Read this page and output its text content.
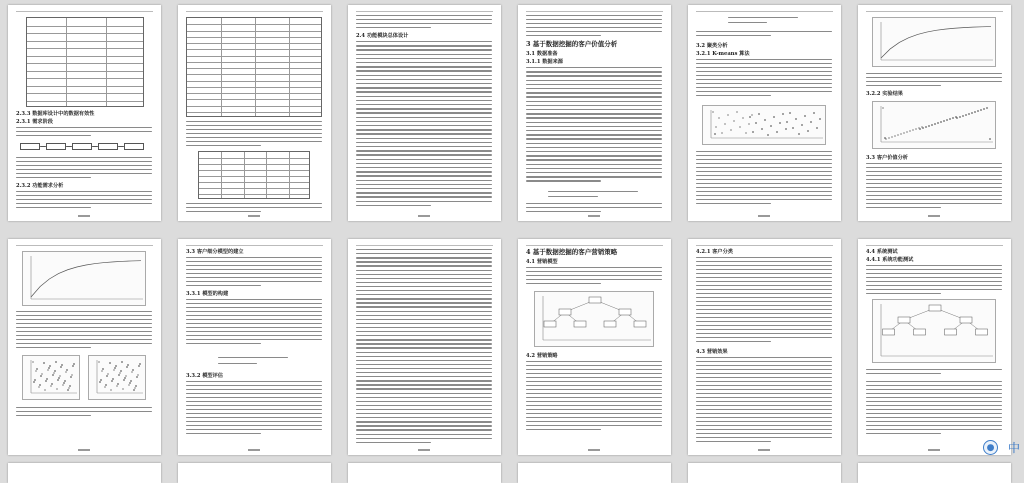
2.3.3 数据库设计中的数据有效性
2.3.1 需求阶段
2.3.2 功能需求分析
2.4 功能模块总体设计
3 基于数据挖掘的客户价值分析
3.1 数据准备
3.1.1 数据来源
3.2 聚类分析
3.2.1 K-means 算法
3.2.2 实验结果
3.3 客户价值分析
3.3 客户细分模型的建立
3.3.1 模型的构建
3.3.2 模型评估
4 基于数据挖掘的客户营销策略
4.1 营销模型
4.2 营销策略
4.2.1 客户分类
4.3 营销效果
4.4 系统测试
4.4.1 系统功能测试
● 中
